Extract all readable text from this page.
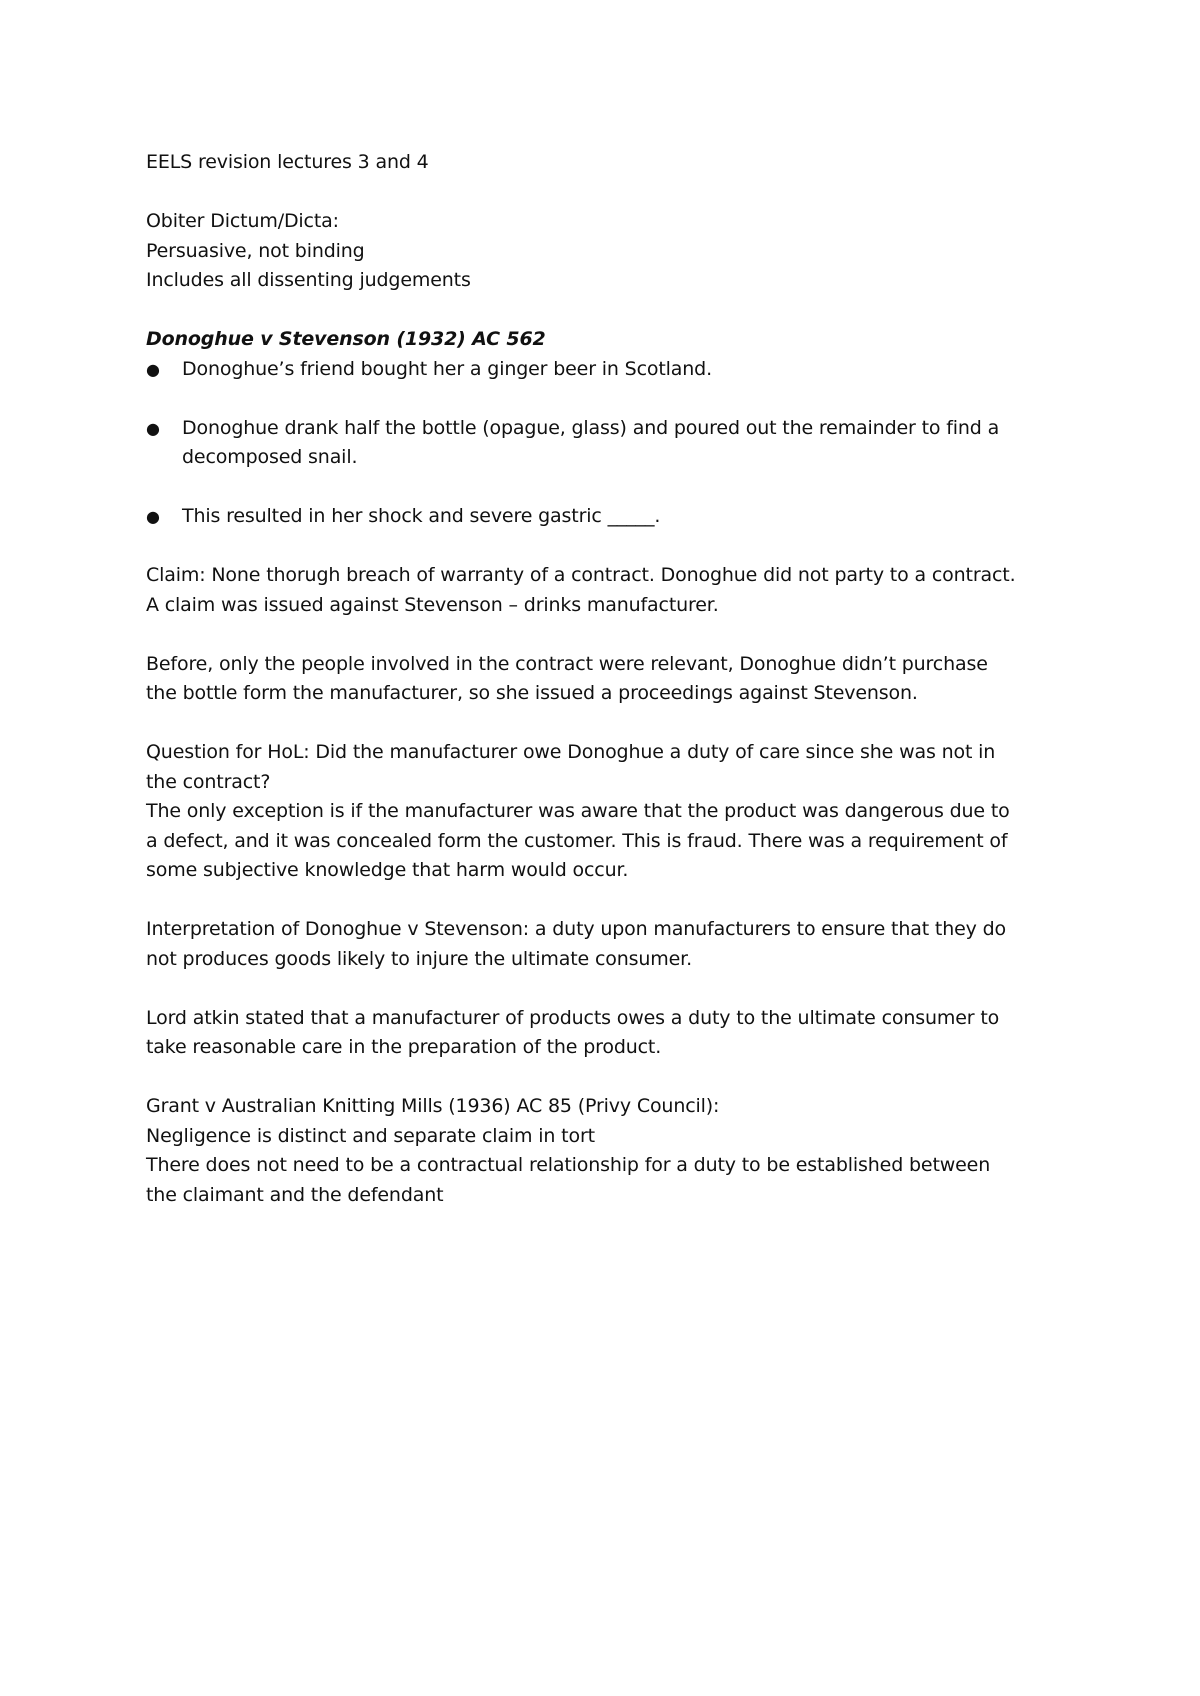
EELS revision lectures 3 and 4
Obiter Dictum/Dicta:
Persuasive, not binding
Includes all dissenting judgements
Donoghue v Stevenson (1932) AC 562
● Donoghue’s friend bought her a ginger beer in Scotland.
● Donoghue drank half the bottle (opague, glass) and poured out the remainder to find a
decomposed snail.
● This resulted in her shock and severe gastric _____.
Claim: None thorugh breach of warranty of a contract. Donoghue did not party to a contract.
A claim was issued against Stevenson – drinks manufacturer.
Before, only the people involved in the contract were relevant, Donoghue didn’t purchase
the bottle form the manufacturer, so she issued a proceedings against Stevenson.
Question for HoL: Did the manufacturer owe Donoghue a duty of care since she was not in
the contract?
The only exception is if the manufacturer was aware that the product was dangerous due to
a defect, and it was concealed form the customer. This is fraud. There was a requirement of
some subjective knowledge that harm would occur.
Interpretation of Donoghue v Stevenson: a duty upon manufacturers to ensure that they do
not produces goods likely to injure the ultimate consumer.
Lord atkin stated that a manufacturer of products owes a duty to the ultimate consumer to
take reasonable care in the preparation of the product.
Grant v Australian Knitting Mills (1936) AC 85 (Privy Council):
Negligence is distinct and separate claim in tort
There does not need to be a contractual relationship for a duty to be established between
the claimant and the defendant
